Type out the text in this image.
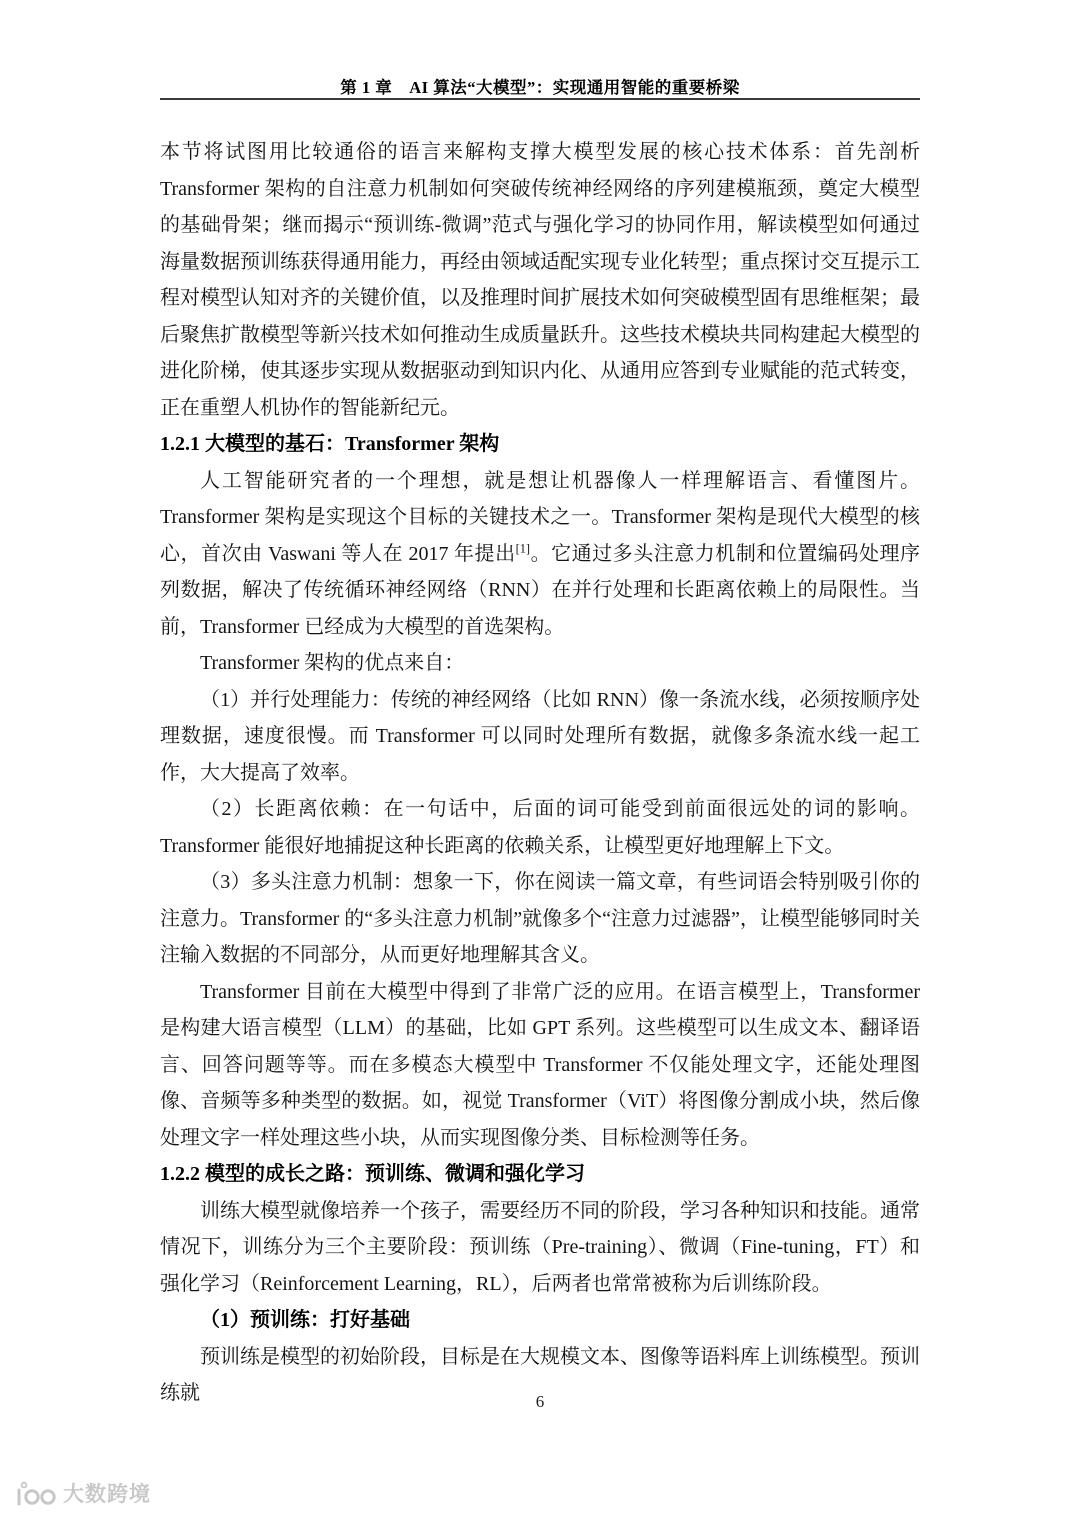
第 1 章　AI 算法“大模型”：实现通用智能的重要桥梁

本节将试图用比较通俗的语言来解构支撑大模型发展的核心技术体系：首先剖析 Transformer 架构的自注意力机制如何突破传统神经网络的序列建模瓶颈，奠定大模型的基础骨架；继而揭示“预训练-微调”范式与强化学习的协同作用，解读模型如何通过海量数据预训练获得通用能力，再经由领域适配实现专业化转型；重点探讨交互提示工程对模型认知对齐的关键价值，以及推理时间扩展技术如何突破模型固有思维框架；最后聚焦扩散模型等新兴技术如何推动生成质量跃升。这些技术模块共同构建起大模型的进化阶梯，使其逐步实现从数据驱动到知识内化、从通用应答到专业赋能的范式转变，正在重塑人机协作的智能新纪元。

1.2.1 大模型的基石：Transformer 架构

人工智能研究者的一个理想，就是想让机器像人一样理解语言、看懂图片。Transformer 架构是实现这个目标的关键技术之一。Transformer 架构是现代大模型的核心，首次由 Vaswani 等人在 2017 年提出[1]。它通过多头注意力机制和位置编码处理序列数据，解决了传统循环神经网络（RNN）在并行处理和长距离依赖上的局限性。当前，Transformer 已经成为大模型的首选架构。

Transformer 架构的优点来自：

（1）并行处理能力：传统的神经网络（比如 RNN）像一条流水线，必须按顺序处理数据，速度很慢。而 Transformer 可以同时处理所有数据，就像多条流水线一起工作，大大提高了效率。

（2）长距离依赖：在一句话中，后面的词可能受到前面很远处的词的影响。Transformer 能很好地捕捉这种长距离的依赖关系，让模型更好地理解上下文。

（3）多头注意力机制：想象一下，你在阅读一篇文章，有些词语会特别吸引你的注意力。Transformer 的“多头注意力机制”就像多个“注意力过滤器”，让模型能够同时关注输入数据的不同部分，从而更好地理解其含义。

Transformer 目前在大模型中得到了非常广泛的应用。在语言模型上，Transformer 是构建大语言模型（LLM）的基础，比如 GPT 系列。这些模型可以生成文本、翻译语言、回答问题等等。而在多模态大模型中 Transformer 不仅能处理文字，还能处理图像、音频等多种类型的数据。如，视觉 Transformer（ViT）将图像分割成小块，然后像处理文字一样处理这些小块，从而实现图像分类、目标检测等任务。

1.2.2 模型的成长之路：预训练、微调和强化学习

训练大模型就像培养一个孩子，需要经历不同的阶段，学习各种知识和技能。通常情况下，训练分为三个主要阶段：预训练（Pre-training）、微调（Fine-tuning，FT）和强化学习（Reinforcement Learning，RL），后两者也常常被称为后训练阶段。

（1）预训练：打好基础

预训练是模型的初始阶段，目标是在大规模文本、图像等语料库上训练模型。预训练就	6
大数跨境
